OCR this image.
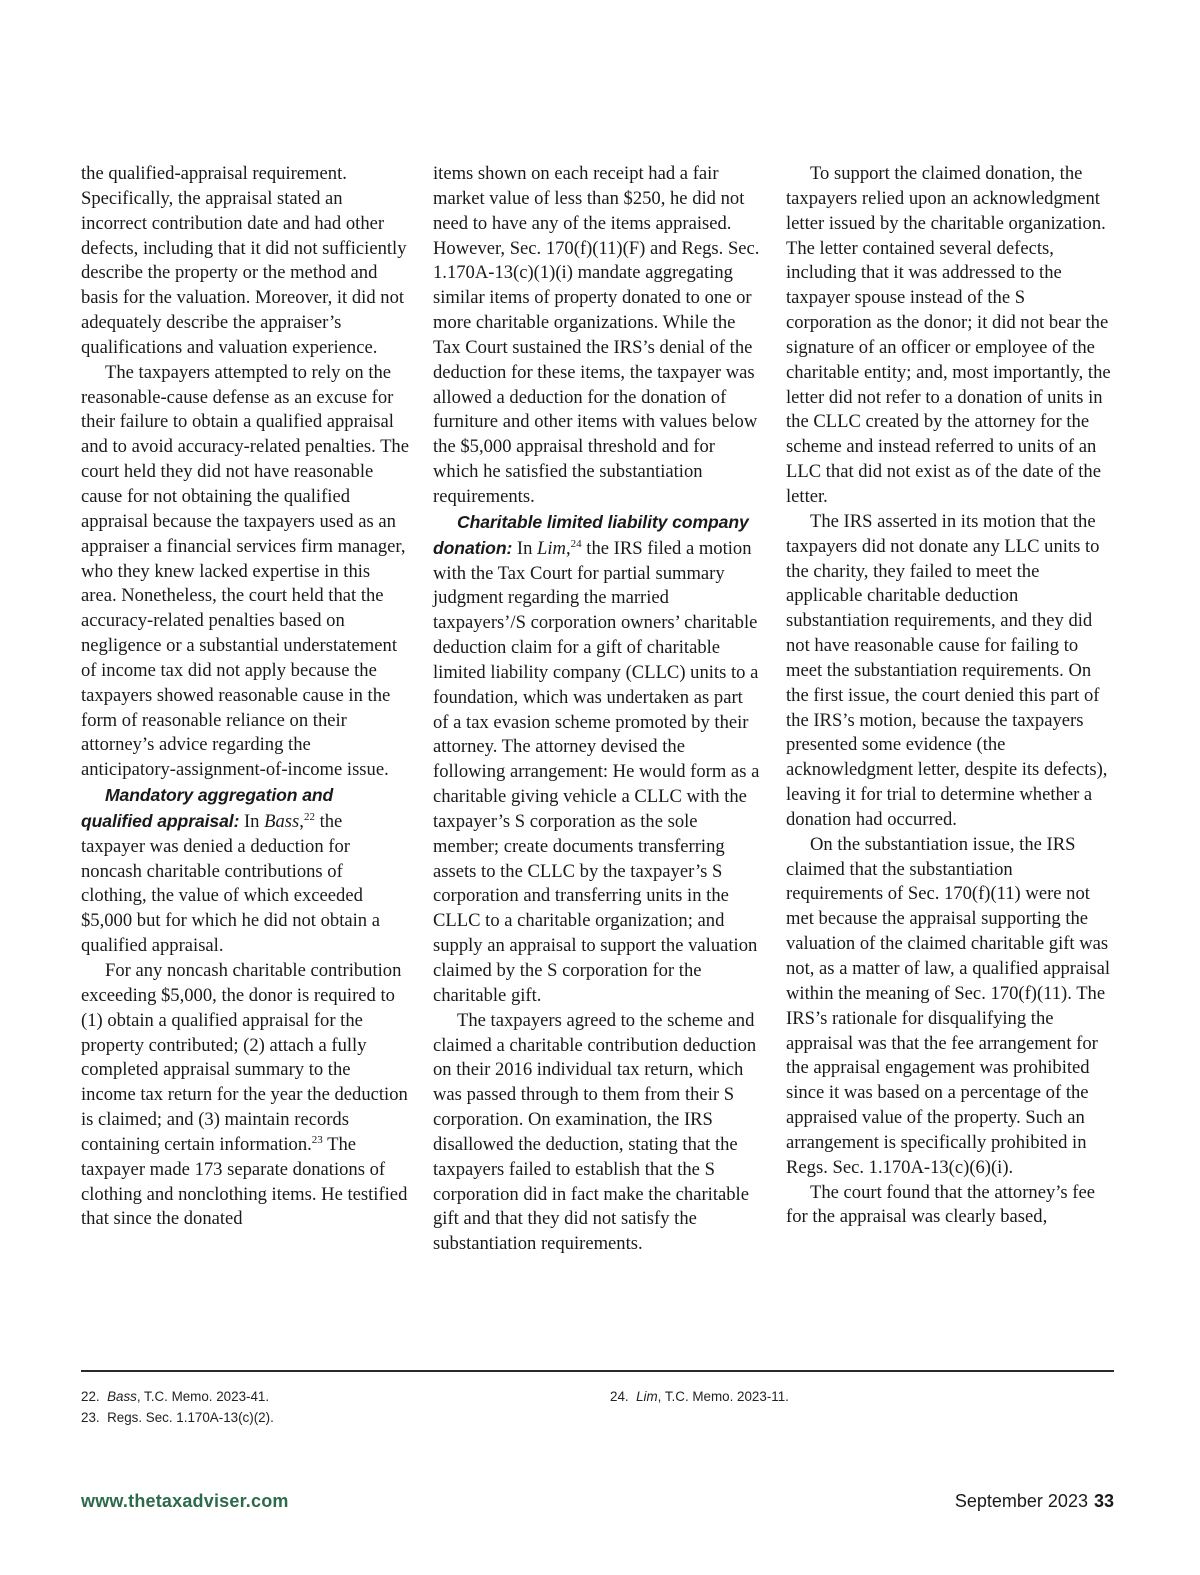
the qualified-appraisal requirement. Specifically, the appraisal stated an incorrect contribution date and had other defects, including that it did not sufficiently describe the property or the method and basis for the valuation. Moreover, it did not adequately describe the appraiser’s qualifications and valuation experience.

The taxpayers attempted to rely on the reasonable-cause defense as an excuse for their failure to obtain a qualified appraisal and to avoid accuracy-related penalties. The court held they did not have reasonable cause for not obtaining the qualified appraisal because the taxpayers used as an appraiser a financial services firm manager, who they knew lacked expertise in this area. Nonetheless, the court held that the accuracy-related penalties based on negligence or a substantial understatement of income tax did not apply because the taxpayers showed reasonable cause in the form of reasonable reliance on their attorney’s advice regarding the anticipatory-assignment-of-income issue.

Mandatory aggregation and qualified appraisal: In Bass,$^{22}$ the taxpayer was denied a deduction for noncash charitable contributions of clothing, the value of which exceeded $5,000 but for which he did not obtain a qualified appraisal.

For any noncash charitable contribution exceeding $5,000, the donor is required to (1) obtain a qualified appraisal for the property contributed; (2) attach a fully completed appraisal summary to the income tax return for the year the deduction is claimed; and (3) maintain records containing certain information.$^{23}$ The taxpayer made 173 separate donations of clothing and nonclothing items. He testified that since the donated

items shown on each receipt had a fair market value of less than $250, he did not need to have any of the items appraised. However, Sec. 170(f)(11)(F) and Regs. Sec. 1.170A-13(c)(1)(i) mandate aggregating similar items of property donated to one or more charitable organizations. While the Tax Court sustained the IRS’s denial of the deduction for these items, the taxpayer was allowed a deduction for the donation of furniture and other items with values below the $5,000 appraisal threshold and for which he satisfied the substantiation requirements.

Charitable limited liability company donation: In Lim,$^{24}$ the IRS filed a motion with the Tax Court for partial summary judgment regarding the married taxpayers’/S corporation owners’ charitable deduction claim for a gift of charitable limited liability company (CLLC) units to a foundation, which was undertaken as part of a tax evasion scheme promoted by their attorney. The attorney devised the following arrangement: He would form as a charitable giving vehicle a CLLC with the taxpayer’s S corporation as the sole member; create documents transferring assets to the CLLC by the taxpayer’s S corporation and transferring units in the CLLC to a charitable organization; and supply an appraisal to support the valuation claimed by the S corporation for the charitable gift.

The taxpayers agreed to the scheme and claimed a charitable contribution deduction on their 2016 individual tax return, which was passed through to them from their S corporation. On examination, the IRS disallowed the deduction, stating that the taxpayers failed to establish that the S corporation did in fact make the charitable gift and that they did not satisfy the substantiation requirements.

To support the claimed donation, the taxpayers relied upon an acknowledgment letter issued by the charitable organization. The letter contained several defects, including that it was addressed to the taxpayer spouse instead of the S corporation as the donor; it did not bear the signature of an officer or employee of the charitable entity; and, most importantly, the letter did not refer to a donation of units in the CLLC created by the attorney for the scheme and instead referred to units of an LLC that did not exist as of the date of the letter.

The IRS asserted in its motion that the taxpayers did not donate any LLC units to the charity, they failed to meet the applicable charitable deduction substantiation requirements, and they did not have reasonable cause for failing to meet the substantiation requirements. On the first issue, the court denied this part of the IRS’s motion, because the taxpayers presented some evidence (the acknowledgment letter, despite its defects), leaving it for trial to determine whether a donation had occurred.

On the substantiation issue, the IRS claimed that the substantiation requirements of Sec. 170(f)(11) were not met because the appraisal supporting the valuation of the claimed charitable gift was not, as a matter of law, a qualified appraisal within the meaning of Sec. 170(f)(11). The IRS’s rationale for disqualifying the appraisal was that the fee arrangement for the appraisal engagement was prohibited since it was based on a percentage of the appraised value of the property. Such an arrangement is specifically prohibited in Regs. Sec. 1.170A-13(c)(6)(i).

The court found that the attorney’s fee for the appraisal was clearly based,

22. Bass, T.C. Memo. 2023-41.
23. Regs. Sec. 1.170A-13(c)(2).
24. Lim, T.C. Memo. 2023-11.
www.thetaxadviser.com	September 2023 33
